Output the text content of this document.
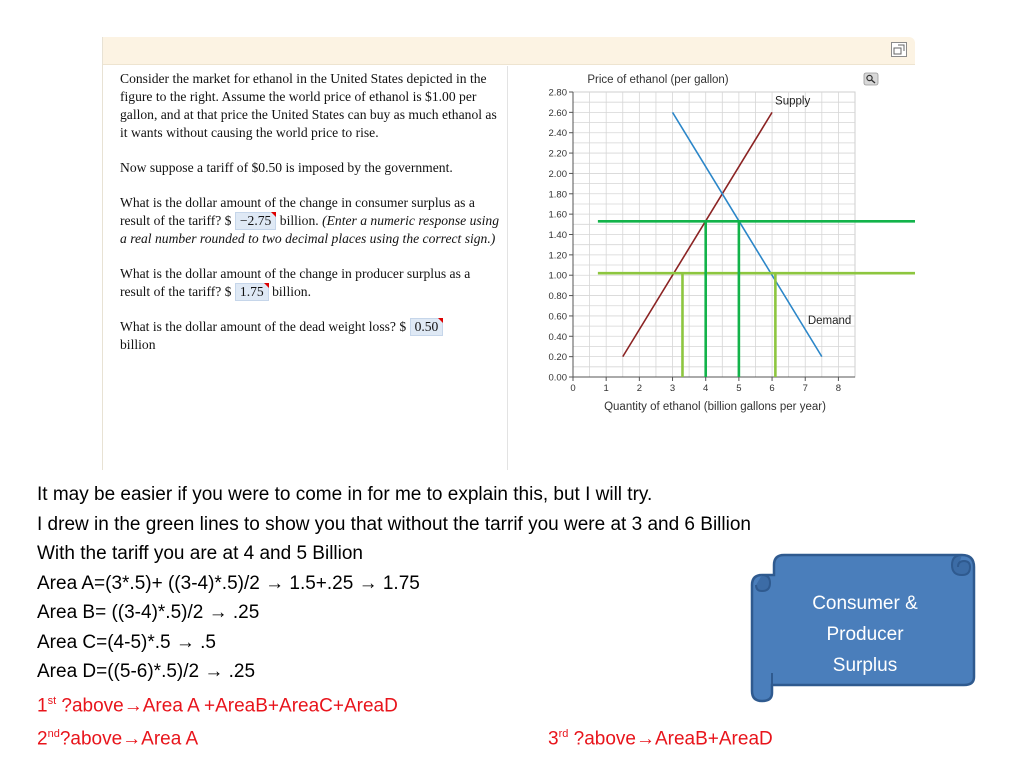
Consider the market for ethanol in the United States depicted in the figure to the right. Assume the world price of ethanol is $1.00 per gallon, and at that price the United States can buy as much ethanol as it wants without causing the world price to rise.

Now suppose a tariff of $0.50 is imposed by the government.

What is the dollar amount of the change in consumer surplus as a result of the tariff? $ −2.75 billion. (Enter a numeric response using a real number rounded to two decimal places using the correct sign.)

What is the dollar amount of the change in producer surplus as a result of the tariff? $ 1.75 billion.

What is the dollar amount of the dead weight loss? $ 0.50
billion

0.00
0.20
0.40
0.60
0.80
1.00
1.20
1.40
1.60
1.80
2.00
2.20
2.40
2.60
2.80
0	1	2	3	4	5	6	7	8
Supply
Demand
Price of ethanol (per gallon)
Quantity of ethanol (billion gallons per year)
It may be easier if you were to come in for me to explain this, but I will try.
I drew in the green lines to show you that without the tarrif you were at 3 and 6 Billion
With the tariff you are at 4 and 5 Billion
Area A=(3*.5)+ ((3-4)*.5)/2 → 1.5+.25 → 1.75
Area B= ((3-4)*.5)/2 → .25
Area C=(4-5)*.5 → .5
Area D=((5-6)*.5)/2 → .25
1st ?above→Area A +AreaB+AreaC+AreaD
2nd?above→Area A	3rd ?above→AreaB+AreaD
Consumer &
Producer
Surplus
